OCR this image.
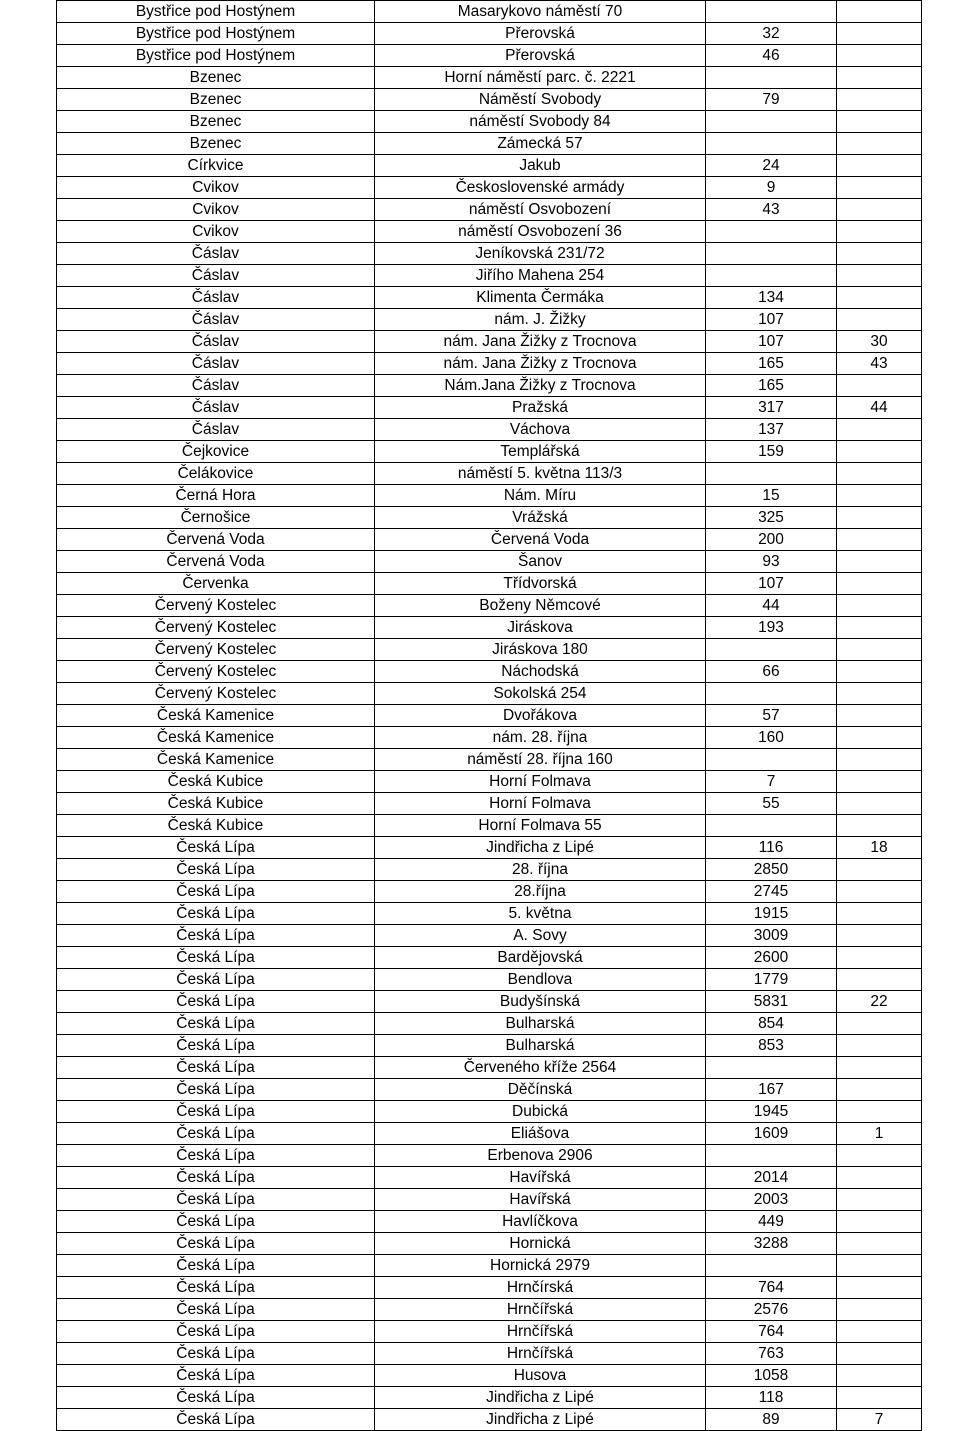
Bystřice pod Hostýnem	Masarykovo náměstí 70		
Bystřice pod Hostýnem	Přerovská	32	
Bystřice pod Hostýnem	Přerovská	46	
Bzenec	Horní náměstí parc. č. 2221		
Bzenec	Náměstí Svobody	79	
Bzenec	náměstí Svobody 84		
Bzenec	Zámecká 57		
Církvice	Jakub	24	
Cvikov	Československé armády	9	
Cvikov	náměstí Osvobození	43	
Cvikov	náměstí Osvobození 36		
Čáslav	Jeníkovská 231/72		
Čáslav	Jiřího Mahena 254		
Čáslav	Klimenta Čermáka	134	
Čáslav	nám. J. Žižky	107	
Čáslav	nám. Jana Žižky z Trocnova	107	30
Čáslav	nám. Jana Žižky z Trocnova	165	43
Čáslav	Nám.Jana Žižky z Trocnova	165	
Čáslav	Pražská	317	44
Čáslav	Váchova	137	
Čejkovice	Templářská	159	
Čelákovice	náměstí 5. května 113/3		
Černá Hora	Nám. Míru	15	
Černošice	Vrážská	325	
Červená Voda	Červená Voda	200	
Červená Voda	Šanov	93	
Červenka	Třídvorská	107	
Červený Kostelec	Boženy Němcové	44	
Červený Kostelec	Jiráskova	193	
Červený Kostelec	Jiráskova 180		
Červený Kostelec	Náchodská	66	
Červený Kostelec	Sokolská 254		
Česká Kamenice	Dvořákova	57	
Česká Kamenice	nám. 28. října	160	
Česká Kamenice	náměstí 28. října 160		
Česká Kubice	Horní Folmava	7	
Česká Kubice	Horní Folmava	55	
Česká Kubice	Horní Folmava 55		
Česká Lípa	Jindřicha z Lipé	116	18
Česká Lípa	28. října	2850	
Česká Lípa	28.října	2745	
Česká Lípa	5. května	1915	
Česká Lípa	A. Sovy	3009	
Česká Lípa	Bardějovská	2600	
Česká Lípa	Bendlova	1779	
Česká Lípa	Budyšínská	5831	22
Česká Lípa	Bulharská	854	
Česká Lípa	Bulharská	853	
Česká Lípa	Červeného kříže 2564		
Česká Lípa	Děčínská	167	
Česká Lípa	Dubická	1945	
Česká Lípa	Eliášova	1609	1
Česká Lípa	Erbenova 2906		
Česká Lípa	Havířská	2014	
Česká Lípa	Havířská	2003	
Česká Lípa	Havlíčkova	449	
Česká Lípa	Hornická	3288	
Česká Lípa	Hornická 2979		
Česká Lípa	Hrnčírská	764	
Česká Lípa	Hrnčířská	2576	
Česká Lípa	Hrnčířská	764	
Česká Lípa	Hrnčířská	763	
Česká Lípa	Husova	1058	
Česká Lípa	Jindřicha z Lipé	118	
Česká Lípa	Jindřicha z Lipé	89	7
